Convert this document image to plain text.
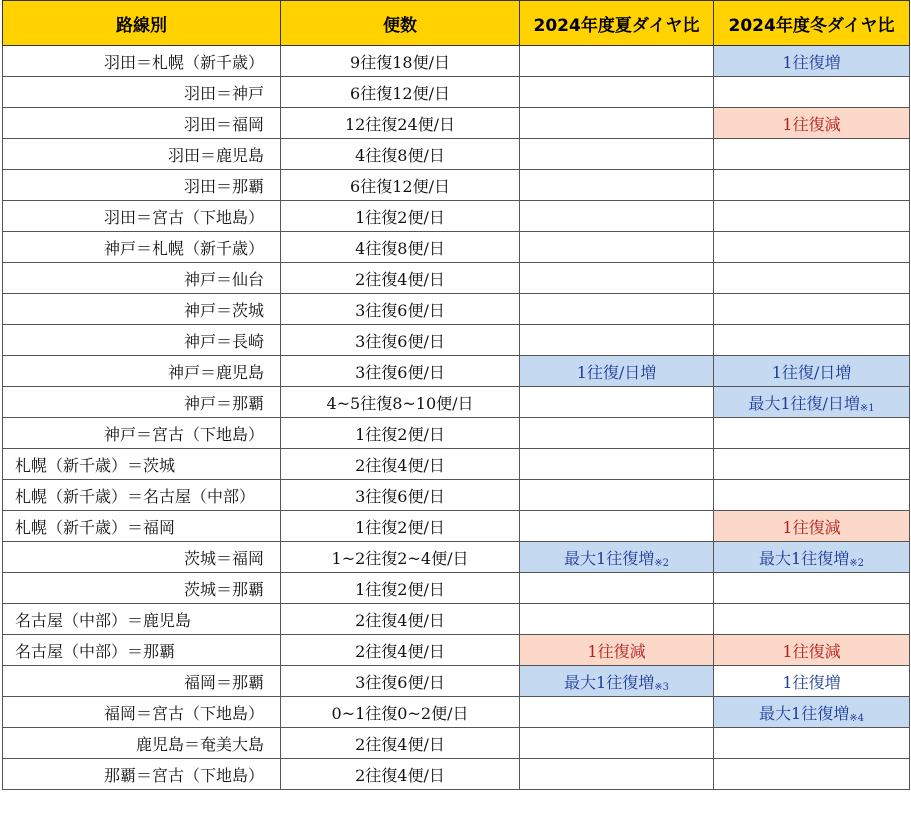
路線別	便数	2024年度夏ダイヤ比	2024年度冬ダイヤ比
羽田＝札幌（新千歳）	9往復18便/日		1往復増
羽田＝神戸	6往復12便/日		
羽田＝福岡	12往復24便/日		1往復減
羽田＝鹿児島	4往復8便/日		
羽田＝那覇	6往復12便/日		
羽田＝宮古（下地島）	1往復2便/日		
神戸＝札幌（新千歳）	4往復8便/日		
神戸＝仙台	2往復4便/日		
神戸＝茨城	3往復6便/日		
神戸＝長崎	3往復6便/日		
神戸＝鹿児島	3往復6便/日	1往復/日増	1往復/日増
神戸＝那覇	4~5往復8~10便/日		最大1往復/日増※1
神戸＝宮古（下地島）	1往復2便/日		
札幌（新千歳）＝茨城	2往復4便/日		
札幌（新千歳）＝名古屋（中部）	3往復6便/日		
札幌（新千歳）＝福岡	1往復2便/日		1往復減
茨城＝福岡	1~2往復2~4便/日	最大1往復増※2	最大1往復増※2
茨城＝那覇	1往復2便/日		
名古屋（中部）＝鹿児島	2往復4便/日		
名古屋（中部）＝那覇	2往復4便/日	1往復減	1往復減
福岡＝那覇	3往復6便/日	最大1往復増※3	1往復増
福岡＝宮古（下地島）	0~1往復0~2便/日		最大1往復増※4
鹿児島＝奄美大島	2往復4便/日		
那覇＝宮古（下地島）	2往復4便/日		
